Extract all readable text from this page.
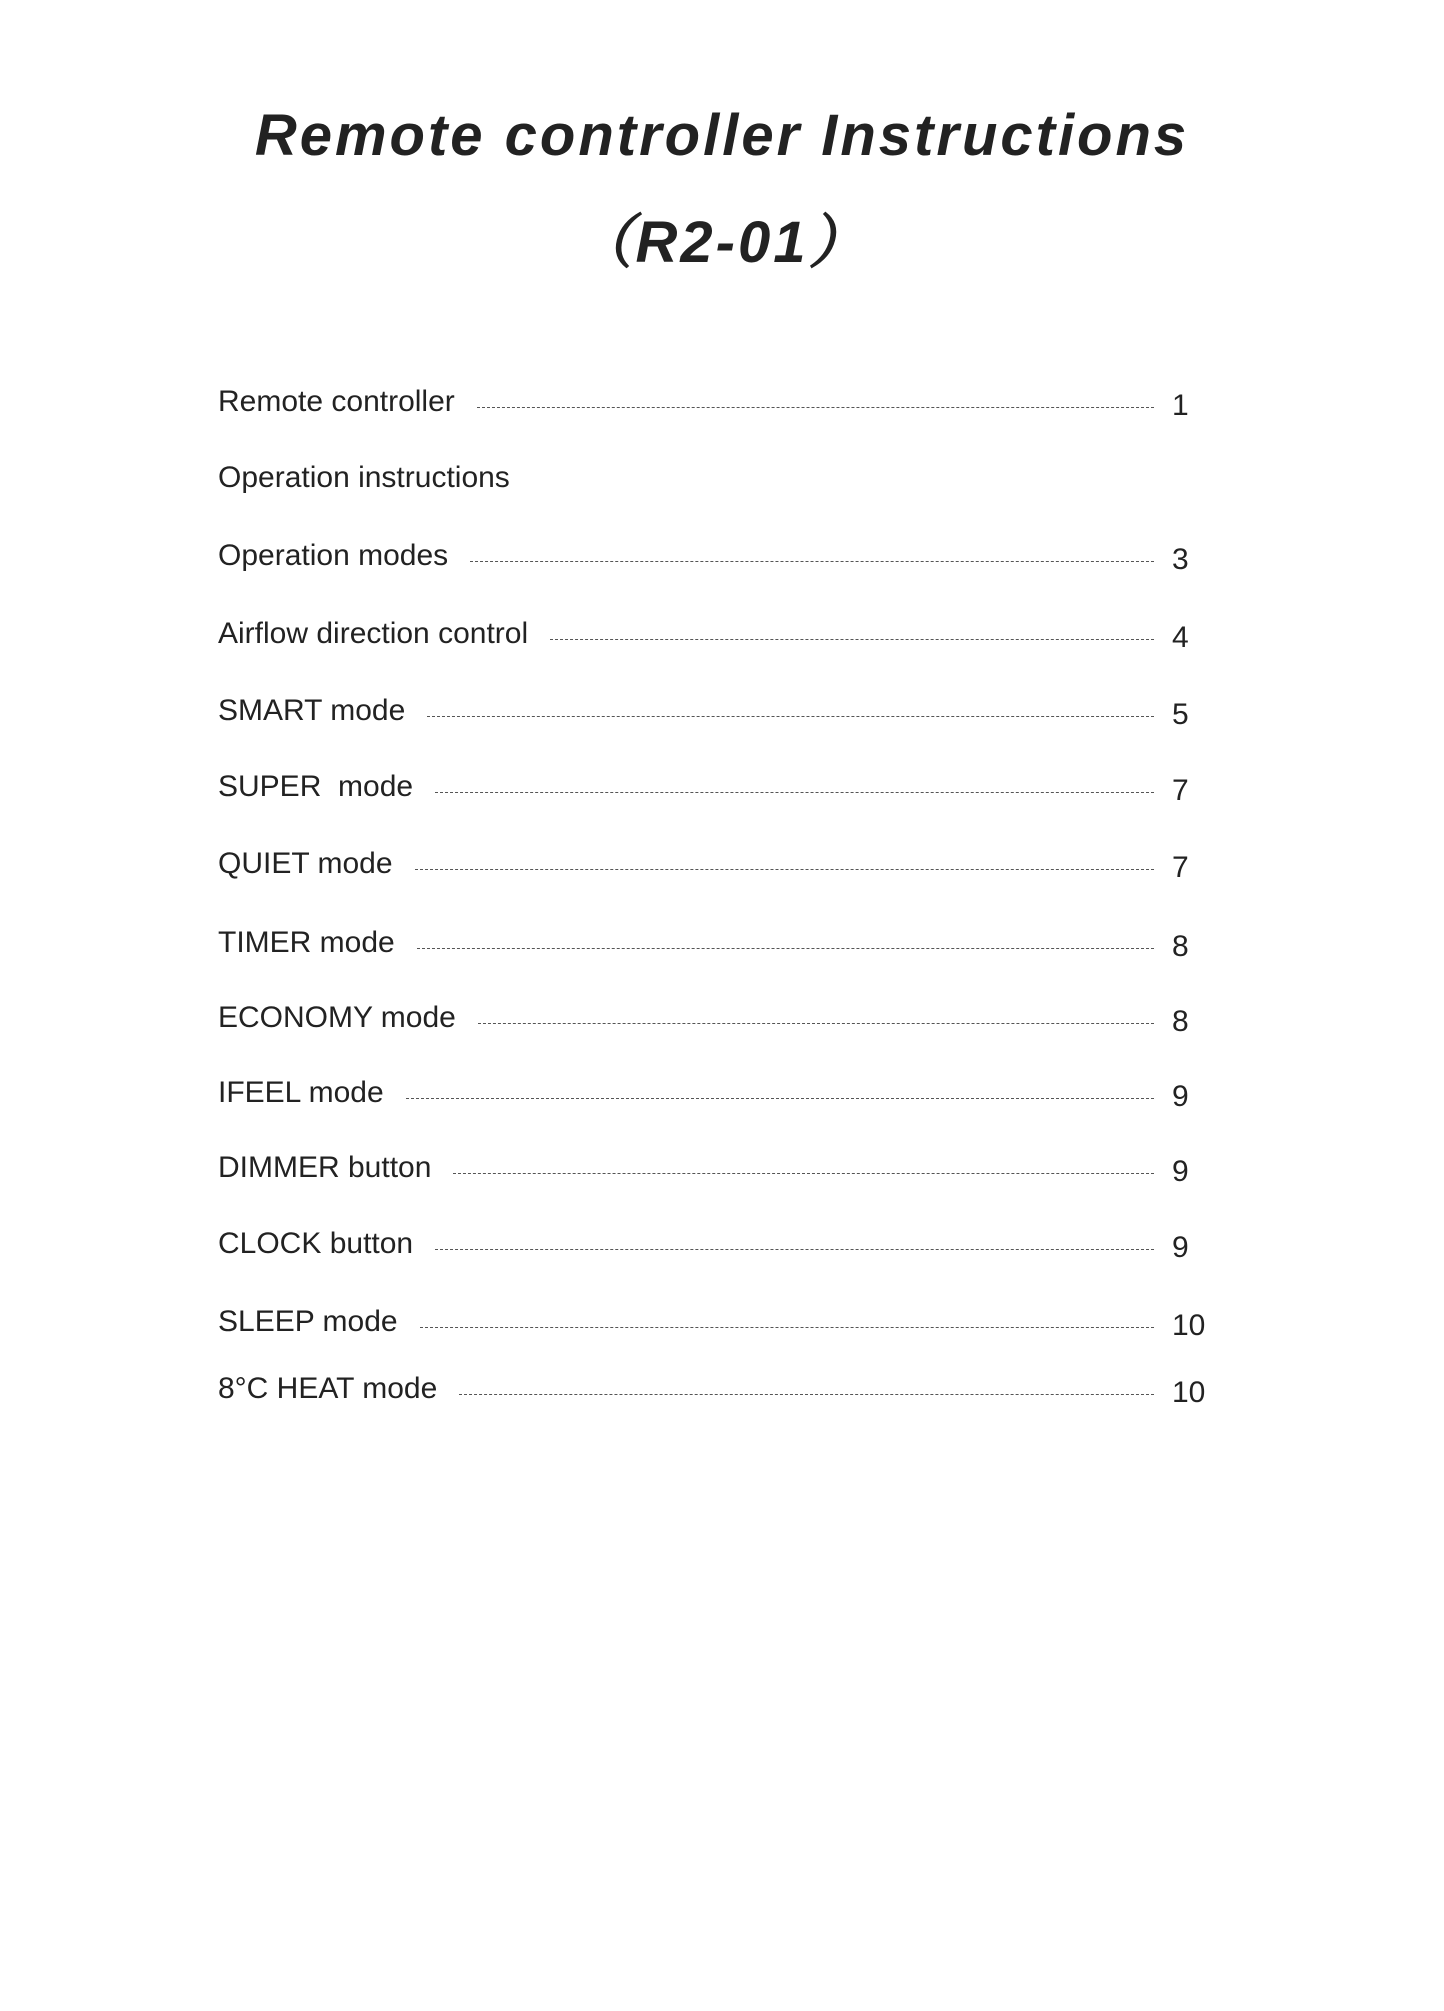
Remote controller Instructions
（R2-01）
Remote controller	1
Operation instructions
Operation modes	3
Airflow direction control	4
SMART mode	5
SUPER  mode	7
QUIET mode	7
TIMER mode	8
ECONOMY mode	8
IFEEL mode	9
DIMMER button	9
CLOCK button	9
SLEEP mode	10
8°C HEAT mode	10
